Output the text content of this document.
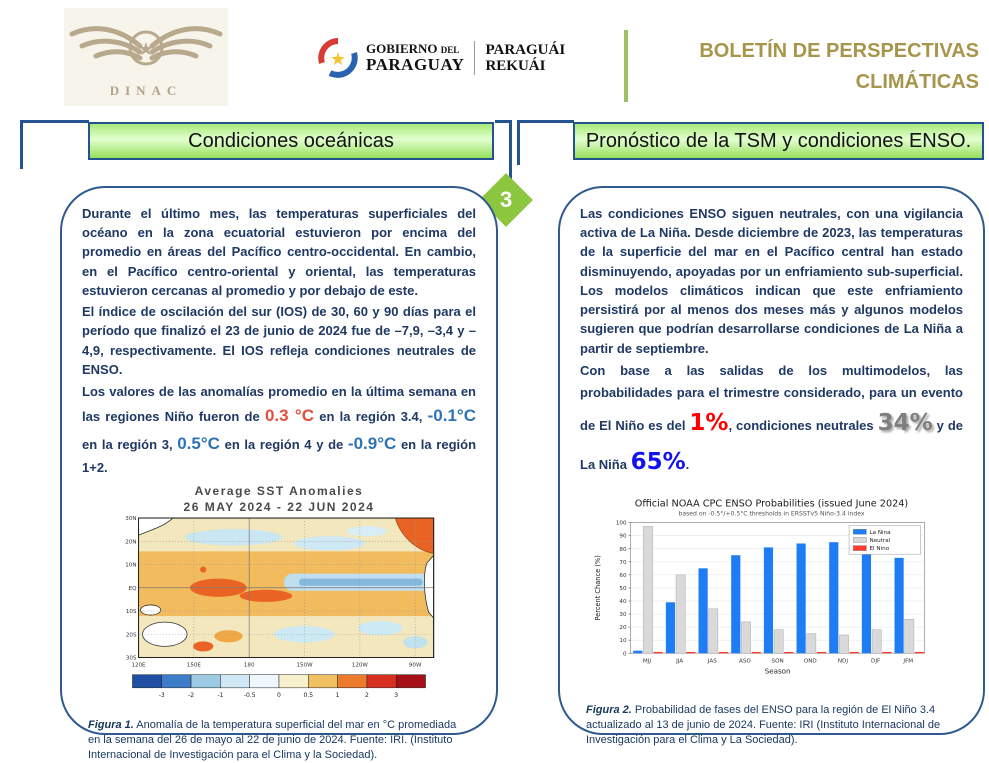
★
DINAC
★
GOBIERNO DEL
PARAGUAY
PARAGUÁI
REKUÁI
BOLETÍN DE PERSPECTIVAS
CLIMÁTICAS
Condiciones oceánicas	Pronóstico de la TSM y condiciones ENSO.
3

Durante el último mes, las temperaturas superficiales del océano en la zona ecuatorial estuvieron por encima del promedio en áreas del Pacífico centro-occidental. En cambio, en el Pacífico centro-oriental y oriental, las temperaturas estuvieron cercanas al promedio y por debajo de este.

El índice de oscilación del sur (IOS) de 30, 60 y 90 días para el período que finalizó el 23 de junio de 2024 fue de –7,9, –3,4 y –4,9, respectivamente. El IOS refleja condiciones neutrales de ENSO.

Los valores de las anomalías promedio en la última semana en las regiones Niño fueron de 0.3 °C en la región 3.4, -0.1°C en la región 3, 0.5°C en la región 4 y de -0.9°C en la región 1+2.

Average SST Anomalies
26 MAY 2024 - 22 JUN 2024
30N
20N
10N
EQ
10S
20S
30S
120E	150E	180	150W	120W	90W
-3	-2	-1	-0.5	0	0.5	1	2	3
Figura 1. Anomalía de la temperatura superficial del mar en °C promediada en la semana del 26 de mayo al 22 de junio de 2024. Fuente: IRI. (Instituto Internacional de Investigación para el Clima y la Sociedad).

Las condiciones ENSO siguen neutrales, con una vigilancia activa de La Niña. Desde diciembre de 2023, las temperaturas de la superficie del mar en el Pacífico central han estado disminuyendo, apoyadas por un enfriamiento sub-superficial. Los modelos climáticos indican que este enfriamiento persistirá por al menos dos meses más y algunos modelos sugieren que podrían desarrollarse condiciones de La Niña a partir de septiembre.

Con base a las salidas de los multimodelos, las probabilidades para el trimestre considerado, para un evento de El Niño es del 1%, condiciones neutrales 34% y de La Niña 65%.

Official NOAA CPC ENSO Probabilities (issued June 2024)
based on -0.5°/+0.5°C thresholds in ERSSTv5 Niño-3.4 index
0
10
20
30
40
50
60
70
80
90
100
MJJ	JJA	JAS	ASO	SON	OND	NDJ	DJF	JFM
Season
Percent Chance (%)
La Nina
Neutral
El Nino
Figura 2. Probabilidad de fases del ENSO para la región de El Niño 3.4 actualizado al 13 de junio de 2024. Fuente: IRI (Instituto Internacional de Investigación para el Clima y La Sociedad).
